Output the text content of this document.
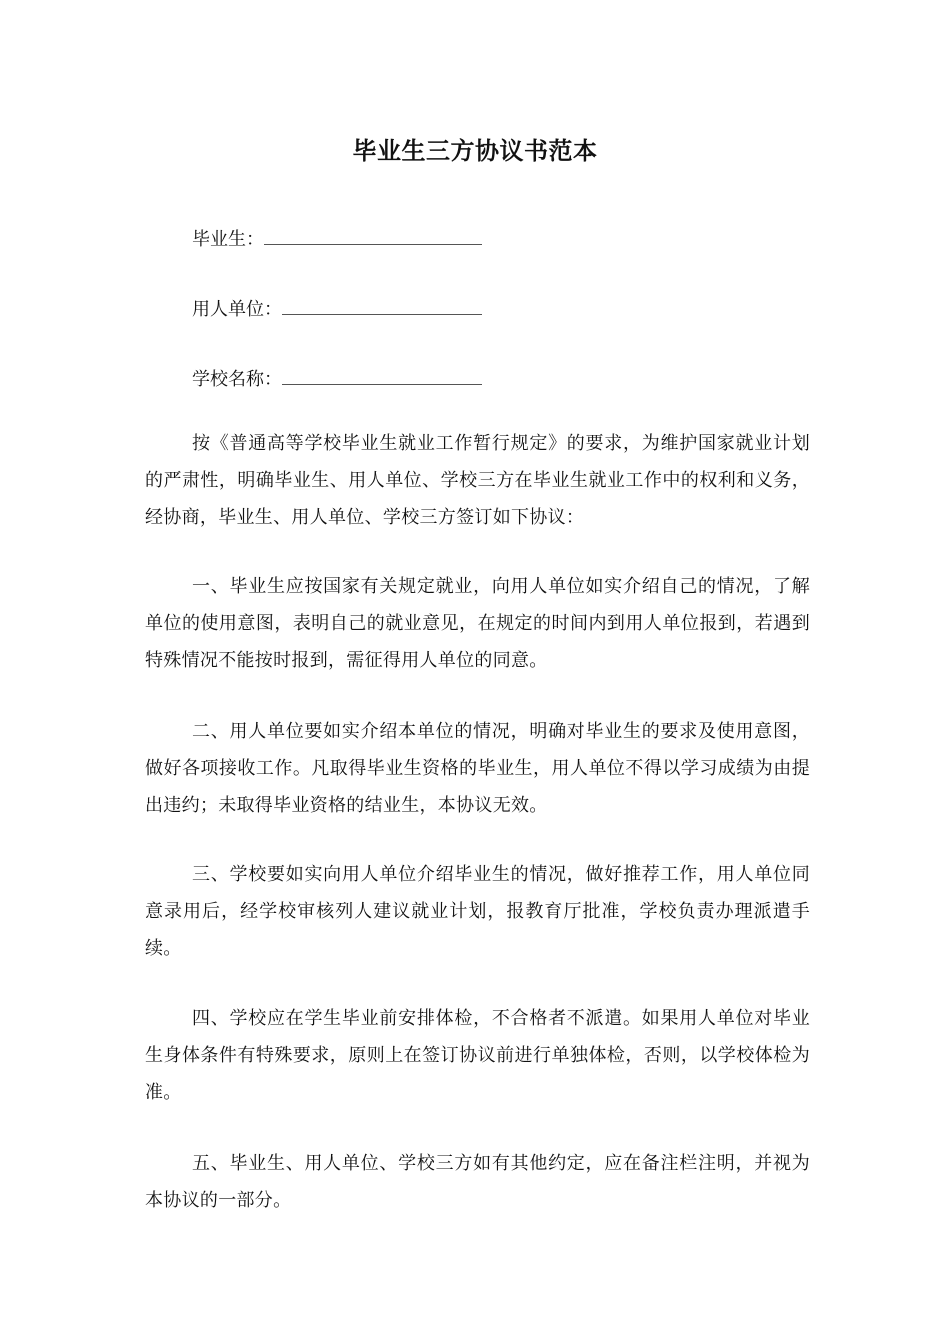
毕业生三方协议书范本
毕业生：
用人单位：
学校名称：

按《普通高等学校毕业生就业工作暂行规定》的要求，为维护国家就业计划的严肃性，明确毕业生、用人单位、学校三方在毕业生就业工作中的权利和义务，经协商，毕业生、用人单位、学校三方签订如下协议：

一、毕业生应按国家有关规定就业，向用人单位如实介绍自己的情况，了解单位的使用意图，表明自己的就业意见，在规定的时间内到用人单位报到，若遇到特殊情况不能按时报到，需征得用人单位的同意。

二、用人单位要如实介绍本单位的情况，明确对毕业生的要求及使用意图，做好各项接收工作。凡取得毕业生资格的毕业生，用人单位不得以学习成绩为由提出违约；未取得毕业资格的结业生，本协议无效。

三、学校要如实向用人单位介绍毕业生的情况，做好推荐工作，用人单位同意录用后，经学校审核列人建议就业计划，报教育厅批准，学校负责办理派遣手续。

四、学校应在学生毕业前安排体检，不合格者不派遣。如果用人单位对毕业生身体条件有特殊要求，原则上在签订协议前进行单独体检，否则，以学校体检为准。

五、毕业生、用人单位、学校三方如有其他约定，应在备注栏注明，并视为本协议的一部分。
